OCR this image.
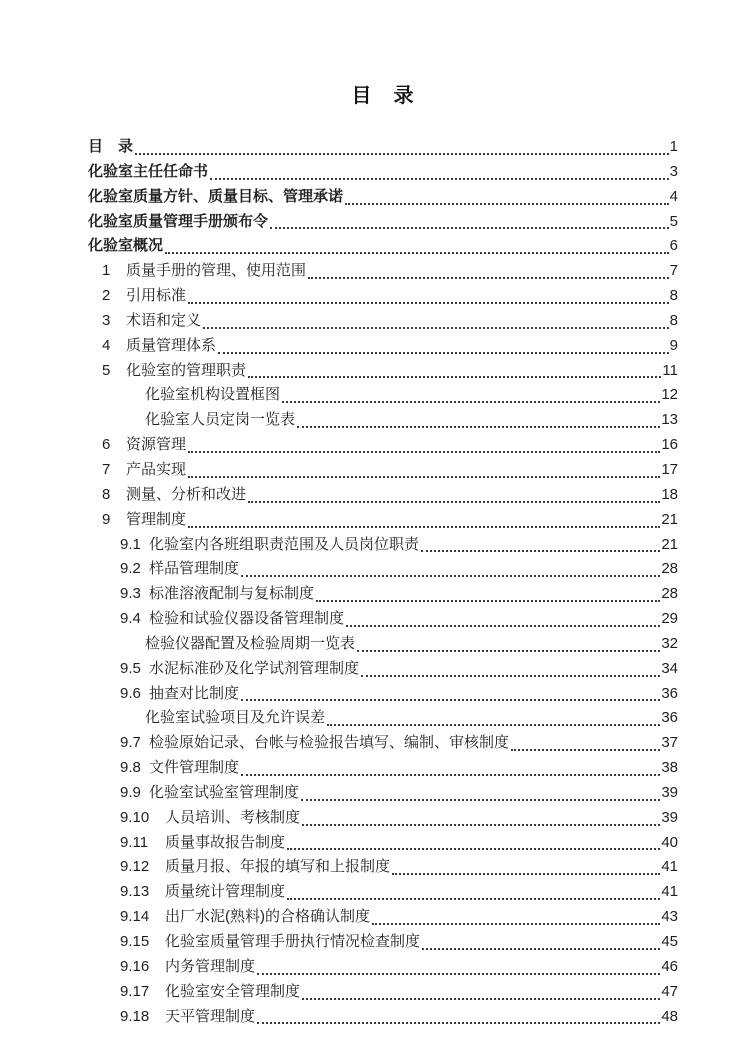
目　录
目　录	1
化验室主任任命书	3
化验室质量方针、质量目标、管理承诺	4
化验室质量管理手册颁布令	5
化验室概况	6
1	质量手册的管理、使用范围	7
2	引用标准	8
3	术语和定义	8
4	质量管理体系	9
5	化验室的管理职责	11
化验室机构设置框图	12
化验室人员定岗一览表	13
6	资源管理	16
7	产品实现	17
8	测量、分析和改进	18
9	管理制度	21
9.1 化验室内各班组职责范围及人员岗位职责	21
9.2 样品管理制度	28
9.3 标准溶液配制与复标制度	28
9.4 检验和试验仪器设备管理制度	29
检验仪器配置及检验周期一览表	32
9.5 水泥标准砂及化学试剂管理制度	34
9.6 抽查对比制度	36
化验室试验项目及允许误差	36
9.7 检验原始记录、台帐与检验报告填写、编制、审核制度	37
9.8 文件管理制度	38
9.9 化验室试验室管理制度	39
9.10	人员培训、考核制度	39
9.11	质量事故报告制度	40
9.12	质量月报、年报的填写和上报制度	41
9.13	质量统计管理制度	41
9.14	出厂水泥(熟料)的合格确认制度	43
9.15	化验室质量管理手册执行情况检查制度	45
9.16	内务管理制度	46
9.17	化验室安全管理制度	47
9.18	天平管理制度	48
